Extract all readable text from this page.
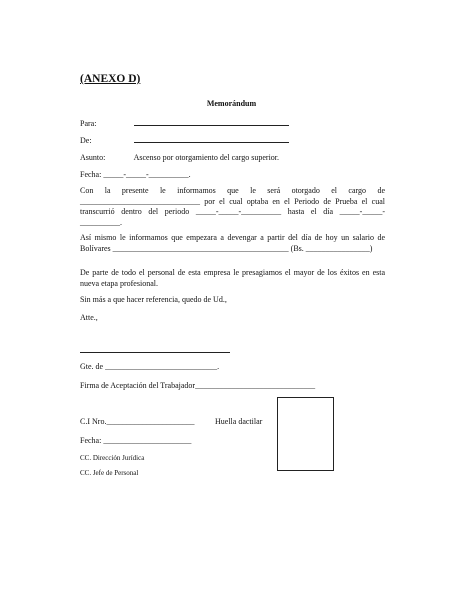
(ANEXO D)
Memorándum
Para:
De:
Asunto:	Ascenso por otorgamiento del cargo superior.
Fecha: _____-_____-__________.
Con la presente le informamos que le será otorgado el cargo de ______________________________ por el cual optaba en el Periodo de Prueba el cual transcurrió dentro del periodo _____-_____-__________ hasta el día _____-_____-__________.
Así mismo le informamos que empezara a devengar a partir del día de hoy un salario de Bolívares ____________________________________________ (Bs. ________________)
De parte de todo el personal de esta empresa le presagiamos el mayor de los éxitos en esta nueva etapa profesional.
Sin más a que hacer referencia, quedo de Ud.,
Atte.,
Gte. de ____________________________.
Firma de Aceptación del Trabajador______________________________
C.I Nro.______________________	Huella dactilar
Fecha: ______________________
CC. Dirección Jurídica
CC. Jefe de Personal
